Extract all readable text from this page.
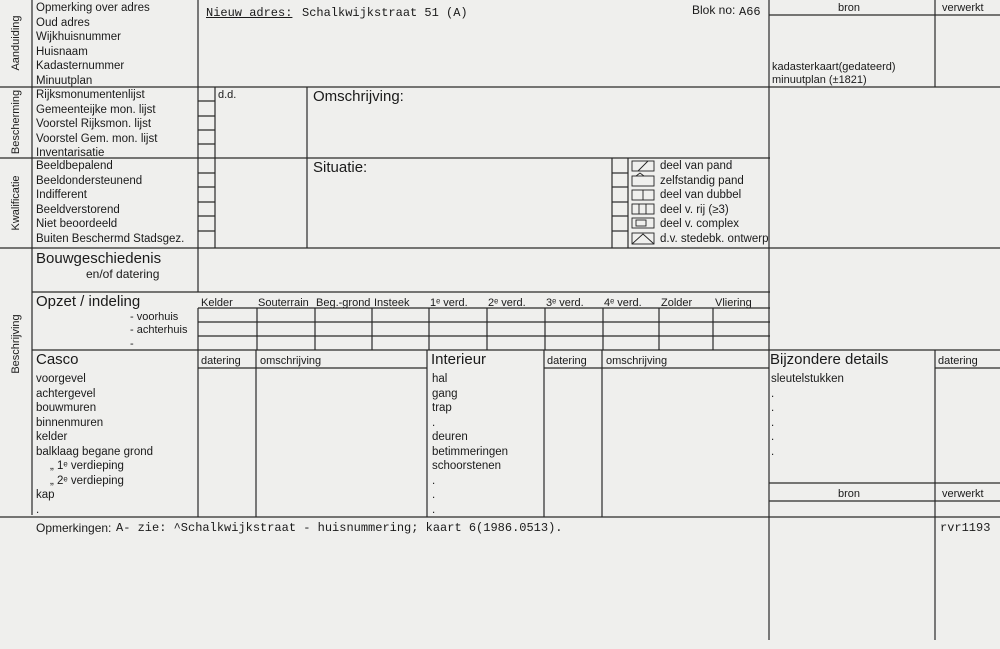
Aanduiding
Bescherming
Kwalificatie
Beschrijving
Opmerking over adres
Oud adres
Wijkhuisnummer
Huisnaam
Kadasternummer
Minuutplan
Nieuw adres: Schalkwijkstraat 51 (A)	Blok no: A66	bron	verwerkt
kadasterkaart(gedateerd)
minuutplan (±1821)
Rijksmonumentenlijst
Gemeenteijke mon. lijst
Voorstel Rijksmon. lijst
Voorstel Gem. mon. lijst
Inventarisatie
d.d.	Omschrijving:
Beeldbepalend
Beeldondersteunend
Indifferent
Beeldverstorend
Niet beoordeeld
Buiten Beschermd Stadsgez.
Situatie:	deel van pand
zelfstandig pand
deel van dubbel
deel v. rij (≥3)
deel v. complex
d.v. stedebk. ontwerp
Bouwgeschiedenis
en/of datering
Opzet / indeling	Kelder Souterrain Beg.-grond Insteek 1ᵉ verd. 2ᵉ verd. 3ᵉ verd. 4ᵉ verd. Zolder Vliering
- voorhuis
- achterhuis
-
Casco	datering omschrijving
voorgevel
achtergevel
bouwmuren
binnenmuren
kelder
balklaag begane grond
„ 1ᵉ verdieping
„ 2ᵉ verdieping
kap
.
Interieur	datering omschrijving
hal
gang
trap
.
deuren
betimmeringen
schoorstenen
.
.
.
Bijzondere details	datering
sleutelstukken
.
.
.
.
.
bron	verwerkt
Opmerkingen: A- zie: ^Schalkwijkstraat - huisnummering; kaart 6(1986.0513).	rvr1193
